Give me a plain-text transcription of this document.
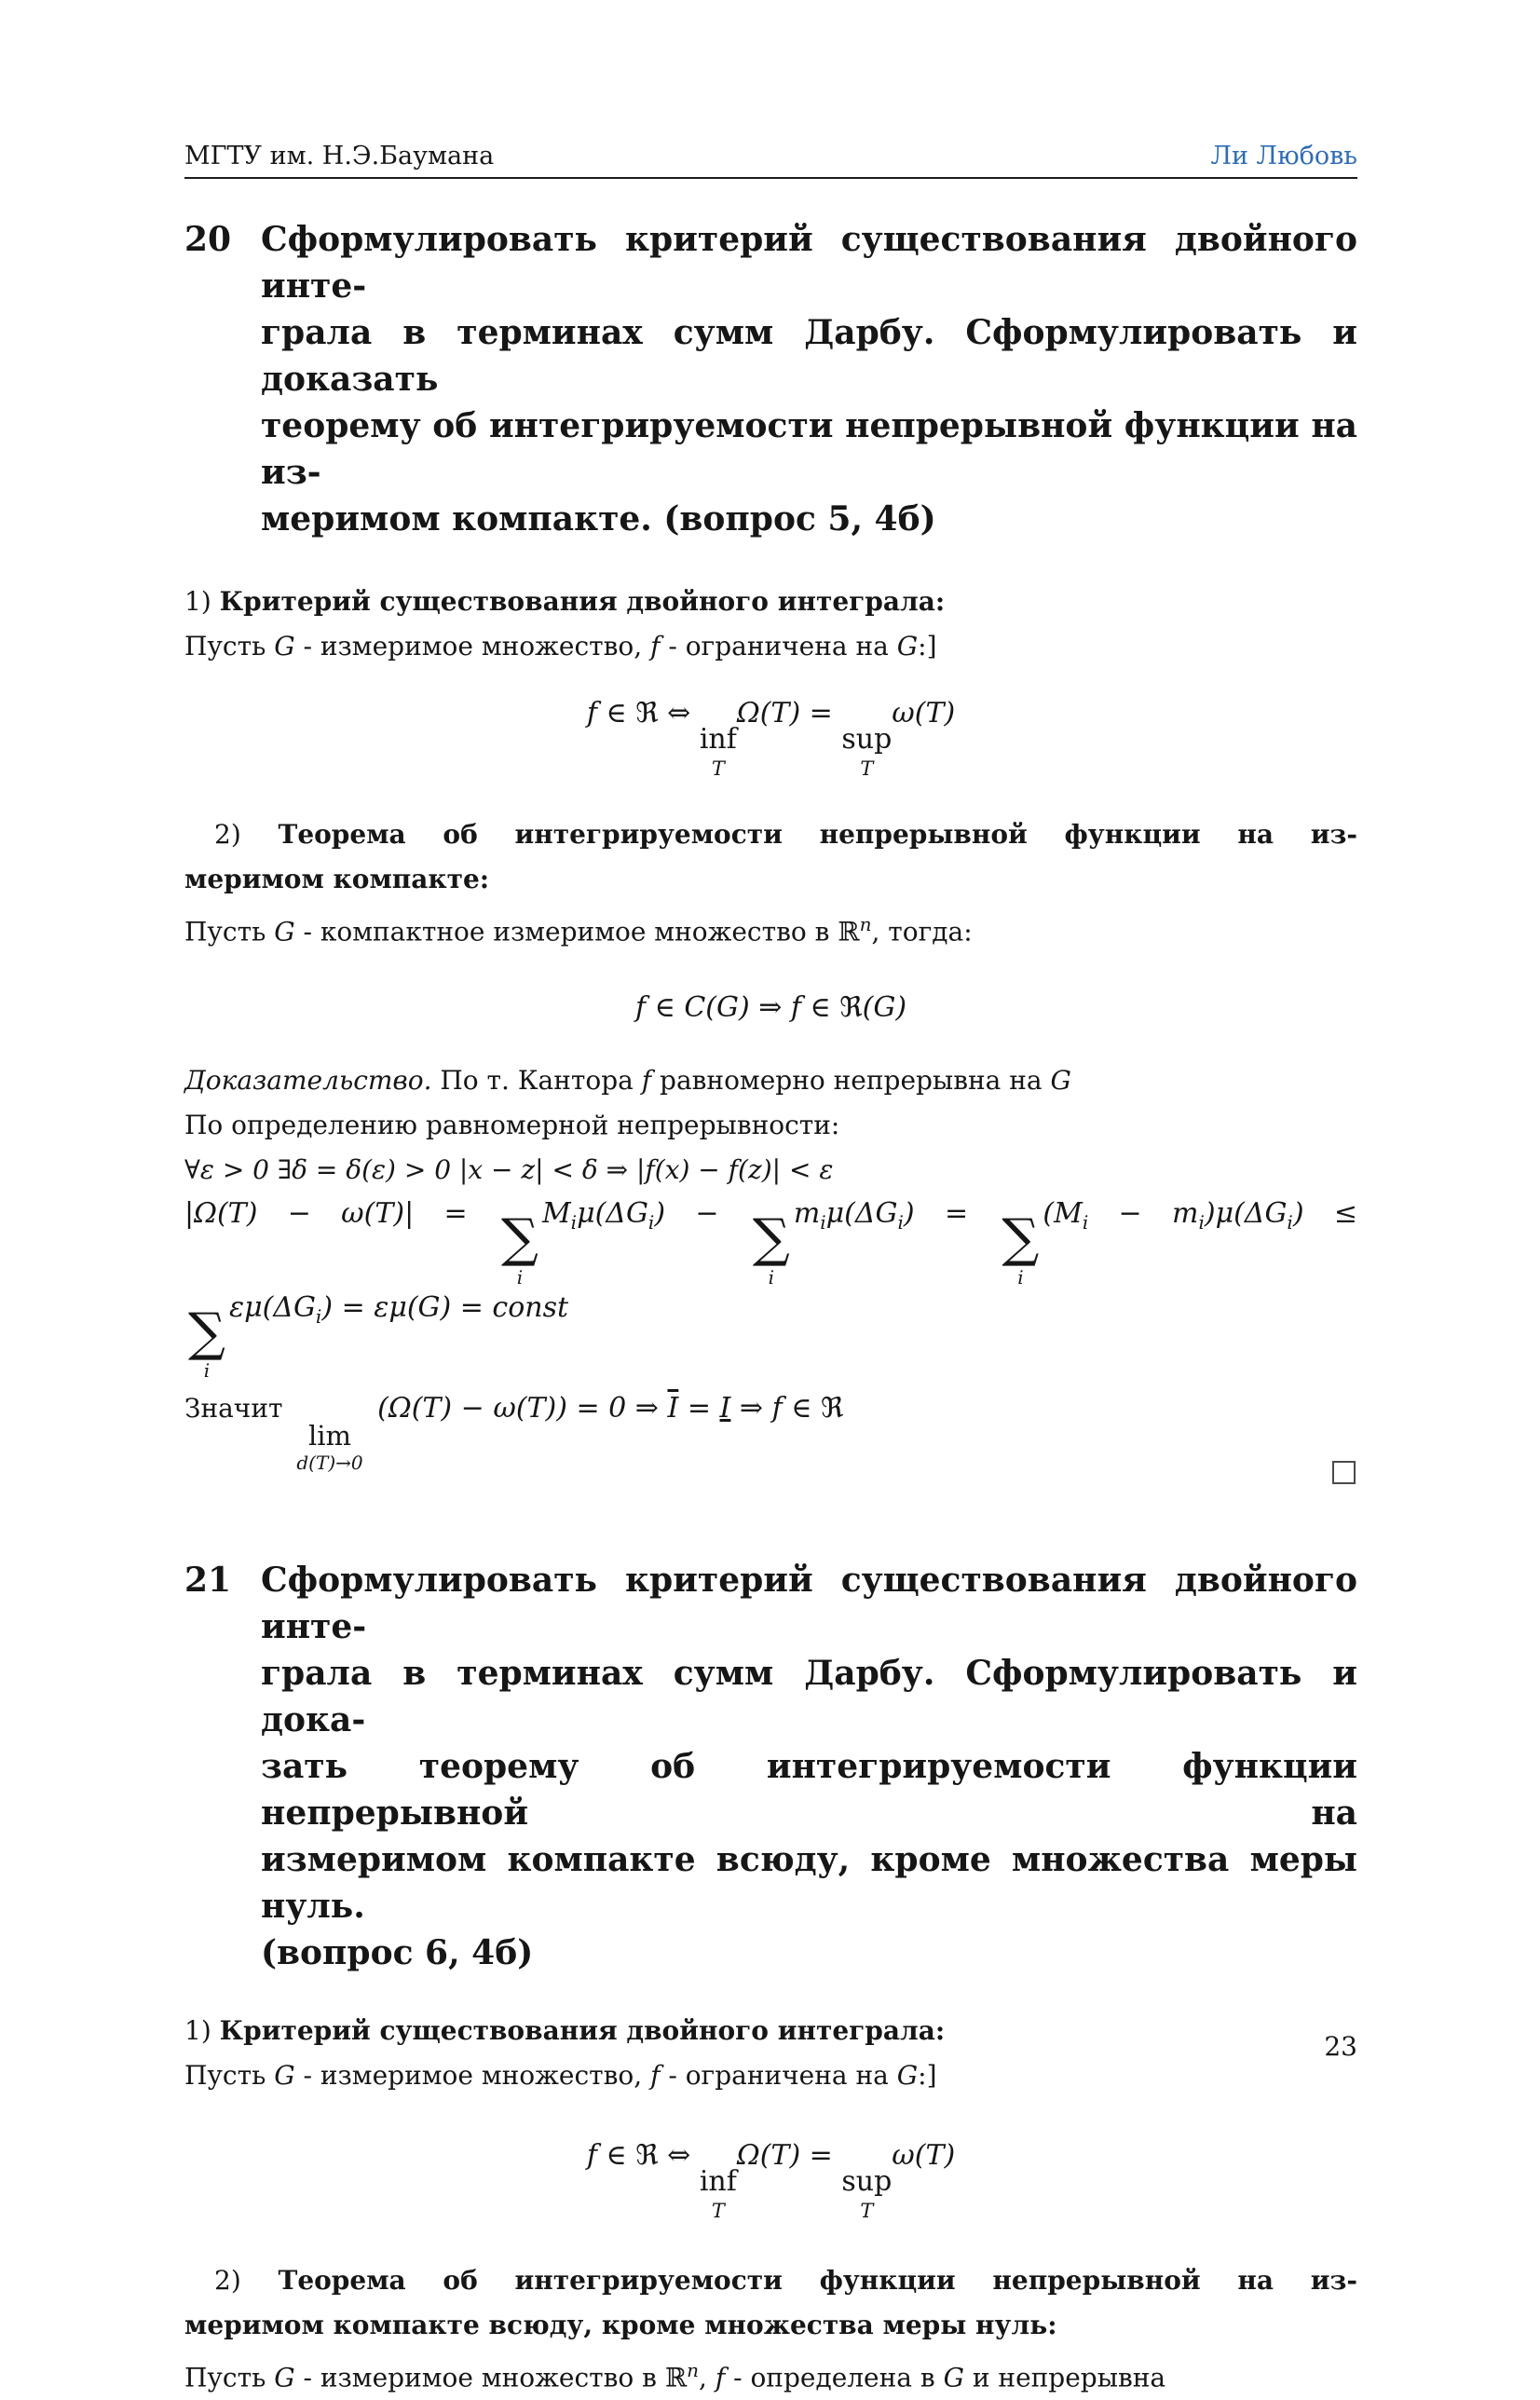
МГТУ им. Н.Э.Баумана	Ли Любовь
20 Сформулировать критерий существования двойного инте-
грала в терминах сумм Дарбу. Сформулировать и доказать
теорему об интегрируемости непрерывной функции на из-
меримом компакте. (вопрос 5, 4б)
1) Критерий существования двойного интеграла:
Пусть G - измеримое множество, f - ограничена на G:]
f ∈ ℜ ⇔
inf
T
Ω(T) =
sup
T
ω(T)
2) Теорема об интегрируемости непрерывной функции на из-
меримом компакте:
Пусть G - компактное измеримое множество в ℝ$^n$, тогда:
f ∈ C(G) ⇒ f ∈ ℜ(G)
Доказательство. По т. Кантора f равномерно непрерывна на G
По определению равномерной непрерывности:
∀ε > 0 ∃δ = δ(ε) > 0 |x − z| < δ ⇒ |f(x) − f(z)| < ε
|Ω(T) − ω(T)| = ∑
i
$M_i\mu(\Delta G_i)$ − ∑
i
$m_i\mu(\Delta G_i)$ = ∑
i
$(M_i - m_i)\mu(\Delta G_i)$ ≤
∑
i
$\varepsilon\mu(\Delta G_i) = \varepsilon\mu(G)$ = const
Значит
lim
d(T)→0
(Ω(T) − ω(T)) = 0 ⇒ $\overline{I} = I$ ⇒ f ∈ ℜ
21 Сформулировать критерий существования двойного инте-
грала в терминах сумм Дарбу. Сформулировать и дока-
зать теорему об интегрируемости функции непрерывной на
измеримом компакте всюду, кроме множества меры нуль.
(вопрос 6, 4б)
1) Критерий существования двойного интеграла:
Пусть G - измеримое множество, f - ограничена на G:]
f ∈ ℜ ⇔
inf
T
Ω(T) =
sup
T
ω(T)
2) Теорема об интегрируемости функции непрерывной на из-
меримом компакте всюду, кроме множества меры нуль:
Пусть G - измеримое множество в ℝ$^n$, f - определена в G и непрерывна
23
